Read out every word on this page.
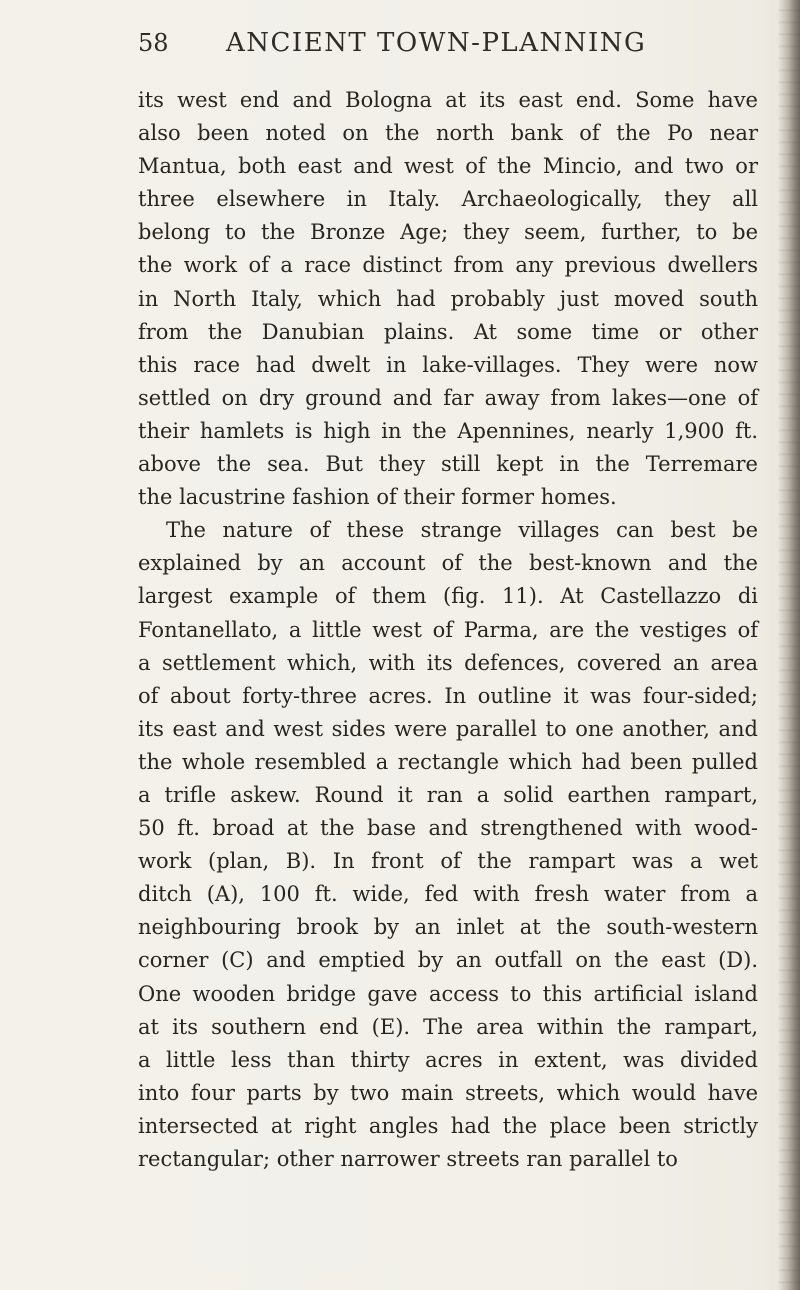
58 ANCIENT TOWN-PLANNING
its west end and Bologna at its east end. Some have
also been noted on the north bank of the Po near
Mantua, both east and west of the Mincio, and two or
three elsewhere in Italy. Archaeologically, they all
belong to the Bronze Age; they seem, further, to be
the work of a race distinct from any previous dwellers
in North Italy, which had probably just moved south
from the Danubian plains. At some time or other
this race had dwelt in lake-villages. They were now
settled on dry ground and far away from lakes—one of
their hamlets is high in the Apennines, nearly 1,900 ft.
above the sea. But they still kept in the Terremare
the lacustrine fashion of their former homes.
The nature of these strange villages can best be
explained by an account of the best-known and the
largest example of them (fig. 11). At Castellazzo di
Fontanellato, a little west of Parma, are the vestiges of
a settlement which, with its defences, covered an area
of about forty-three acres. In outline it was four-sided;
its east and west sides were parallel to one another, and
the whole resembled a rectangle which had been pulled
a trifle askew. Round it ran a solid earthen rampart,
50 ft. broad at the base and strengthened with wood-
work (plan, B). In front of the rampart was a wet
ditch (A), 100 ft. wide, fed with fresh water from a
neighbouring brook by an inlet at the south-western
corner (C) and emptied by an outfall on the east (D).
One wooden bridge gave access to this artificial island
at its southern end (E). The area within the rampart,
a little less than thirty acres in extent, was divided
into four parts by two main streets, which would have
intersected at right angles had the place been strictly
rectangular; other narrower streets ran parallel to
